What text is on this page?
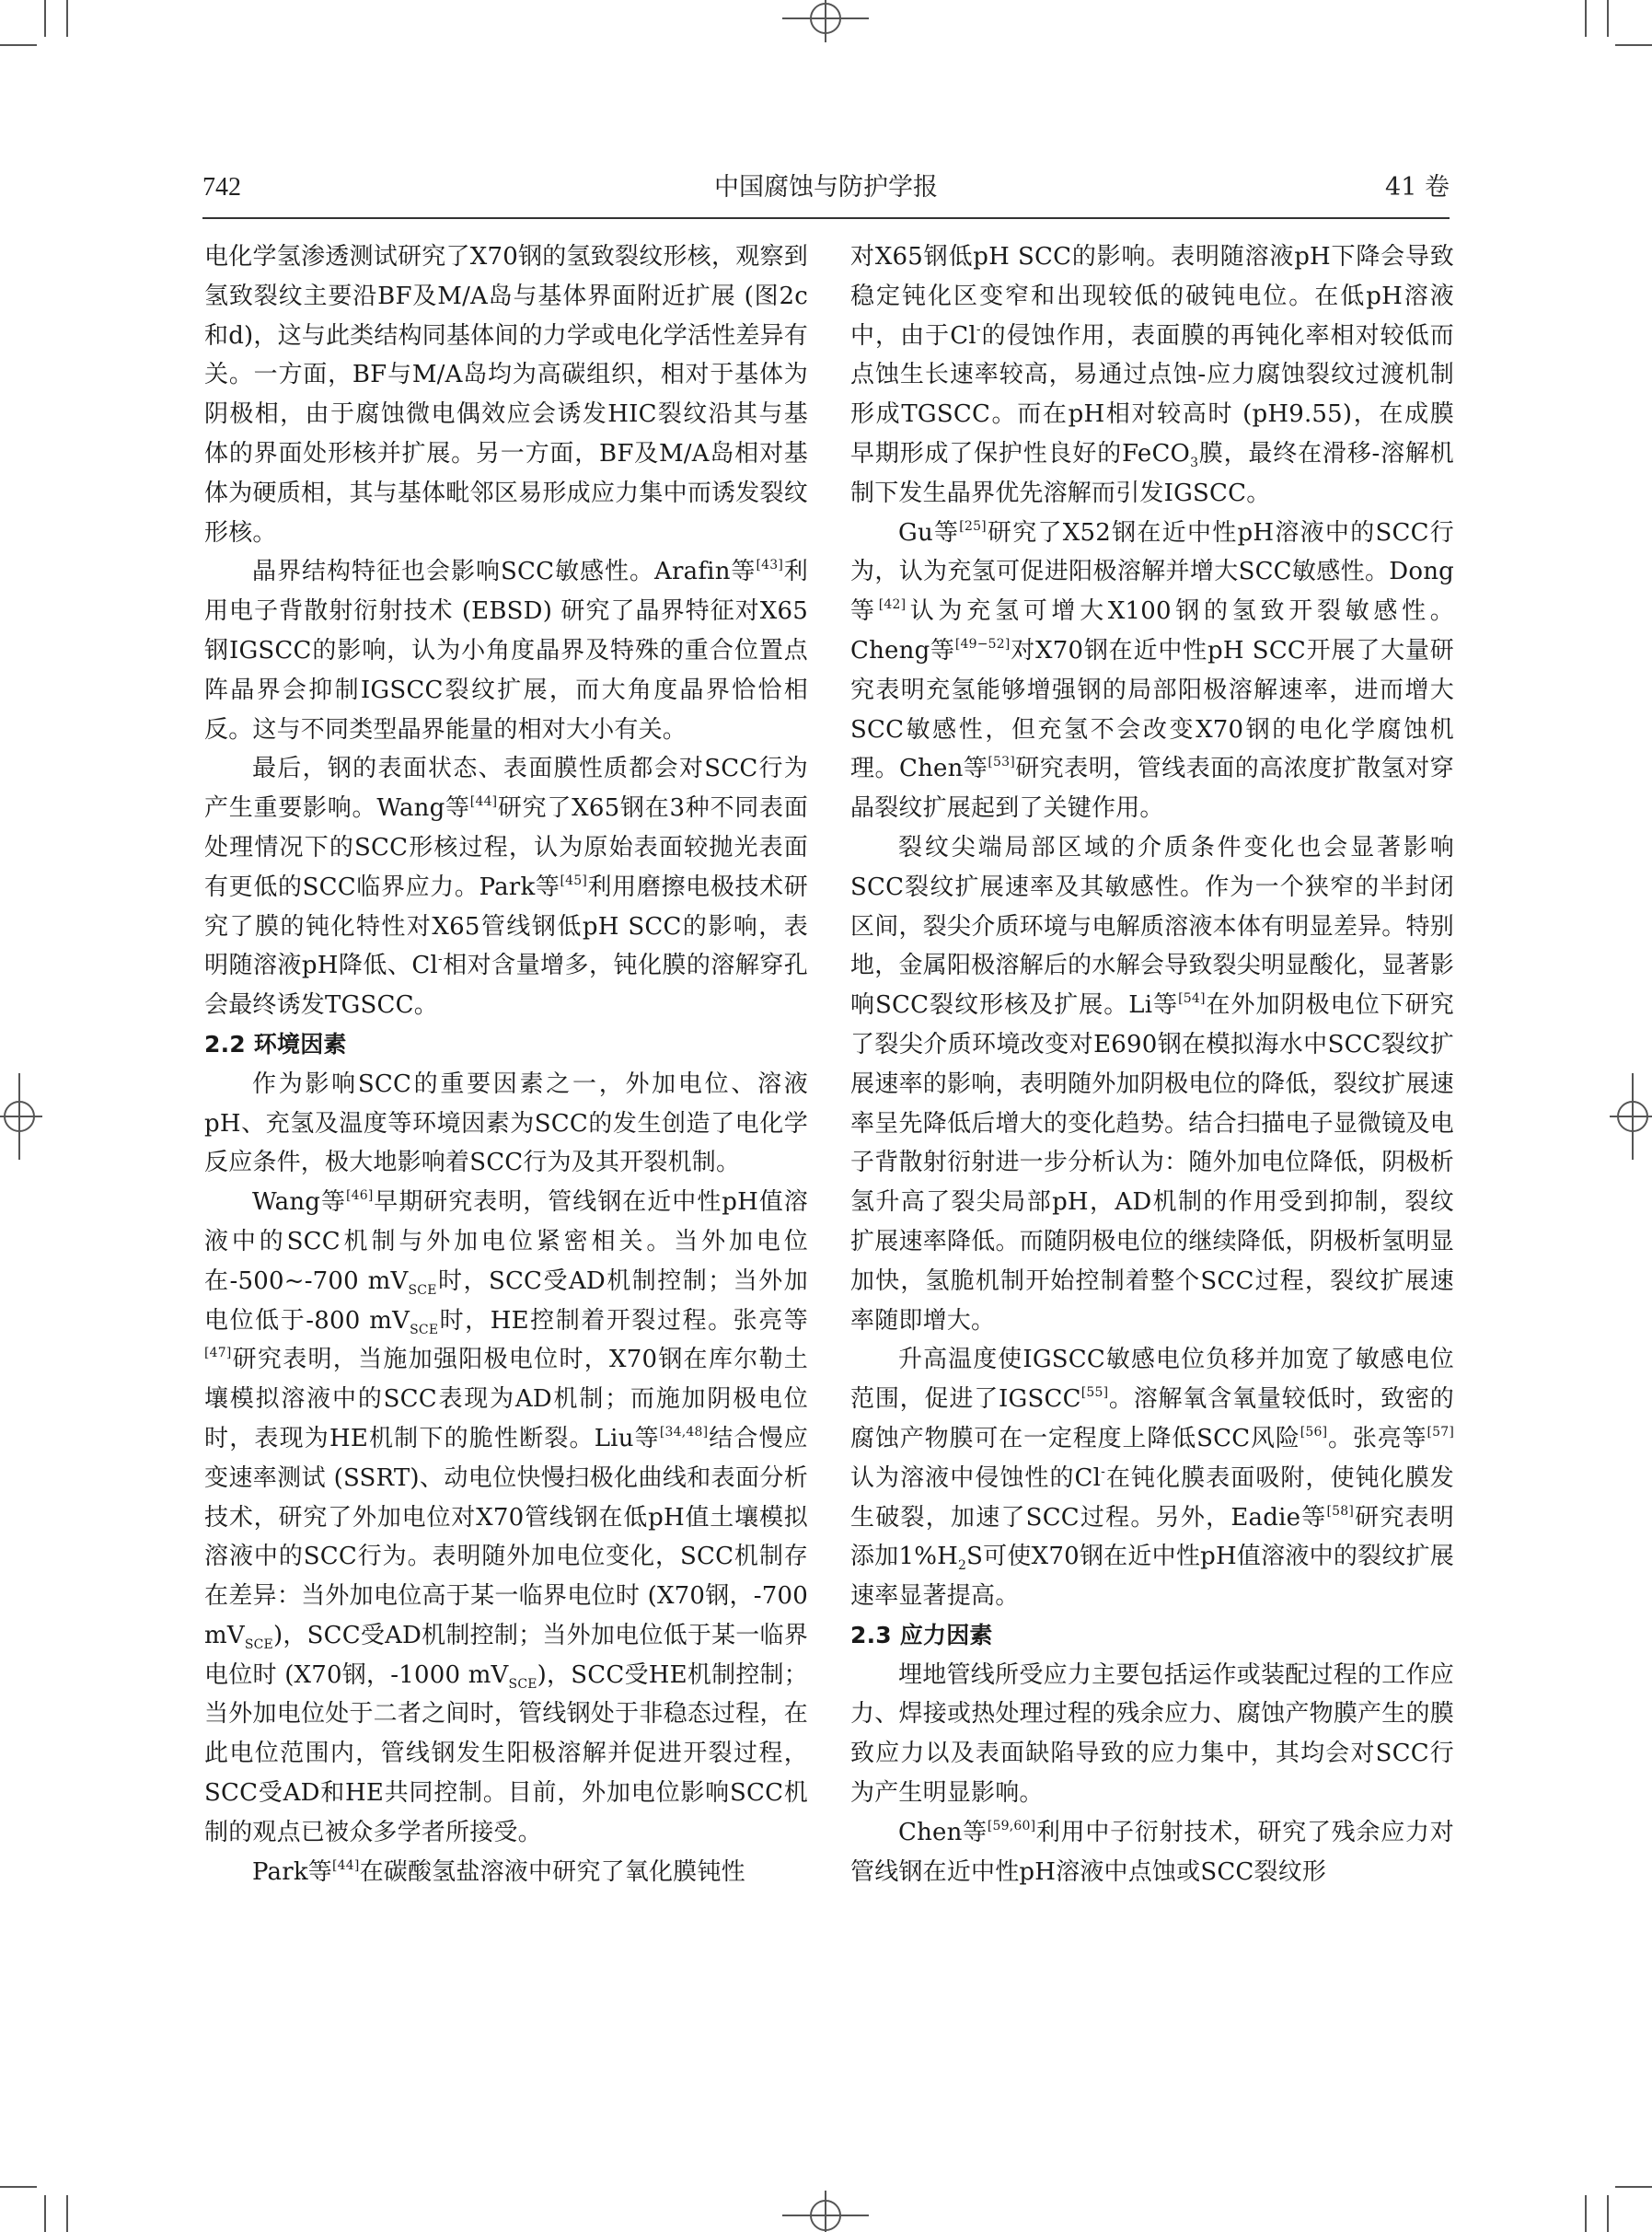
742	中国腐蚀与防护学报	41 卷

电化学氢渗透测试研究了X70钢的氢致裂纹形核，观察到氢致裂纹主要沿BF及M/A岛与基体界面附近扩展 (图2c和d)，这与此类结构同基体间的力学或电化学活性差异有关。一方面，BF与M/A岛均为高碳组织，相对于基体为阴极相，由于腐蚀微电偶效应会诱发HIC裂纹沿其与基体的界面处形核并扩展。另一方面，BF及M/A岛相对基体为硬质相，其与基体毗邻区易形成应力集中而诱发裂纹形核。

晶界结构特征也会影响SCC敏感性。Arafin等[43]利用电子背散射衍射技术 (EBSD) 研究了晶界特征对X65钢IGSCC的影响，认为小角度晶界及特殊的重合位置点阵晶界会抑制IGSCC裂纹扩展，而大角度晶界恰恰相反。这与不同类型晶界能量的相对大小有关。

最后，钢的表面状态、表面膜性质都会对SCC行为产生重要影响。Wang等[44]研究了X65钢在3种不同表面处理情况下的SCC形核过程，认为原始表面较抛光表面有更低的SCC临界应力。Park等[45]利用磨擦电极技术研究了膜的钝化特性对X65管线钢低pH SCC的影响，表明随溶液pH降低、Cl-相对含量增多，钝化膜的溶解穿孔会最终诱发TGSCC。

2.2 环境因素

作为影响SCC的重要因素之一，外加电位、溶液pH、充氢及温度等环境因素为SCC的发生创造了电化学反应条件，极大地影响着SCC行为及其开裂机制。

Wang等[46]早期研究表明，管线钢在近中性pH值溶液中的SCC机制与外加电位紧密相关。当外加电位在-500~-700 $mV_{SCE}$时，SCC受AD机制控制；当外加电位低于-800 $mV_{SCE}$时，HE控制着开裂过程。张亮等[47]研究表明，当施加强阳极电位时，X70钢在库尔勒土壤模拟溶液中的SCC表现为AD机制；而施加阴极电位时，表现为HE机制下的脆性断裂。Liu等[34,48]结合慢应变速率测试 (SSRT)、动电位快慢扫极化曲线和表面分析技术，研究了外加电位对X70管线钢在低pH值土壤模拟溶液中的SCC行为。表明随外加电位变化，SCC机制存在差异：当外加电位高于某一临界电位时 (X70钢，-700 $mV_{SCE}$)，SCC受AD机制控制；当外加电位低于某一临界电位时 (X70钢，-1000 $mV_{SCE}$)，SCC受HE机制控制；当外加电位处于二者之间时，管线钢处于非稳态过程，在此电位范围内，管线钢发生阳极溶解并促进开裂过程，SCC受AD和HE共同控制。目前，外加电位影响SCC机制的观点已被众多学者所接受。

Park等[44]在碳酸氢盐溶液中研究了氧化膜钝性

对X65钢低pH SCC的影响。表明随溶液pH下降会导致稳定钝化区变窄和出现较低的破钝电位。在低pH溶液中，由于Cl-的侵蚀作用，表面膜的再钝化率相对较低而点蚀生长速率较高，易通过点蚀-应力腐蚀裂纹过渡机制形成TGSCC。而在pH相对较高时 (pH9.55)，在成膜早期形成了保护性良好的FeCO$_3$膜，最终在滑移-溶解机制下发生晶界优先溶解而引发IGSCC。

Gu等[25]研究了X52钢在近中性pH溶液中的SCC行为，认为充氢可促进阳极溶解并增大SCC敏感性。Dong等[42]认为充氢可增大X100钢的氢致开裂敏感性。Cheng等[49−52]对X70钢在近中性pH SCC开展了大量研究表明充氢能够增强钢的局部阳极溶解速率，进而增大SCC敏感性，但充氢不会改变X70钢的电化学腐蚀机理。Chen等[53]研究表明，管线表面的高浓度扩散氢对穿晶裂纹扩展起到了关键作用。

裂纹尖端局部区域的介质条件变化也会显著影响SCC裂纹扩展速率及其敏感性。作为一个狭窄的半封闭区间，裂尖介质环境与电解质溶液本体有明显差异。特别地，金属阳极溶解后的水解会导致裂尖明显酸化，显著影响SCC裂纹形核及扩展。Li等[54]在外加阴极电位下研究了裂尖介质环境改变对E690钢在模拟海水中SCC裂纹扩展速率的影响，表明随外加阴极电位的降低，裂纹扩展速率呈先降低后增大的变化趋势。结合扫描电子显微镜及电子背散射衍射进一步分析认为：随外加电位降低，阴极析氢升高了裂尖局部pH，AD机制的作用受到抑制，裂纹扩展速率降低。而随阴极电位的继续降低，阴极析氢明显加快，氢脆机制开始控制着整个SCC过程，裂纹扩展速率随即增大。

升高温度使IGSCC敏感电位负移并加宽了敏感电位范围，促进了IGSCC[55]。溶解氧含氧量较低时，致密的腐蚀产物膜可在一定程度上降低SCC风险[56]。张亮等[57]认为溶液中侵蚀性的Cl-在钝化膜表面吸附，使钝化膜发生破裂，加速了SCC过程。另外，Eadie等[58]研究表明添加$1\%H_2S$可使X70钢在近中性pH值溶液中的裂纹扩展速率显著提高。

2.3 应力因素

埋地管线所受应力主要包括运作或装配过程的工作应力、焊接或热处理过程的残余应力、腐蚀产物膜产生的膜致应力以及表面缺陷导致的应力集中，其均会对SCC行为产生明显影响。

Chen等[59,60]利用中子衍射技术，研究了残余应力对管线钢在近中性pH溶液中点蚀或SCC裂纹形
